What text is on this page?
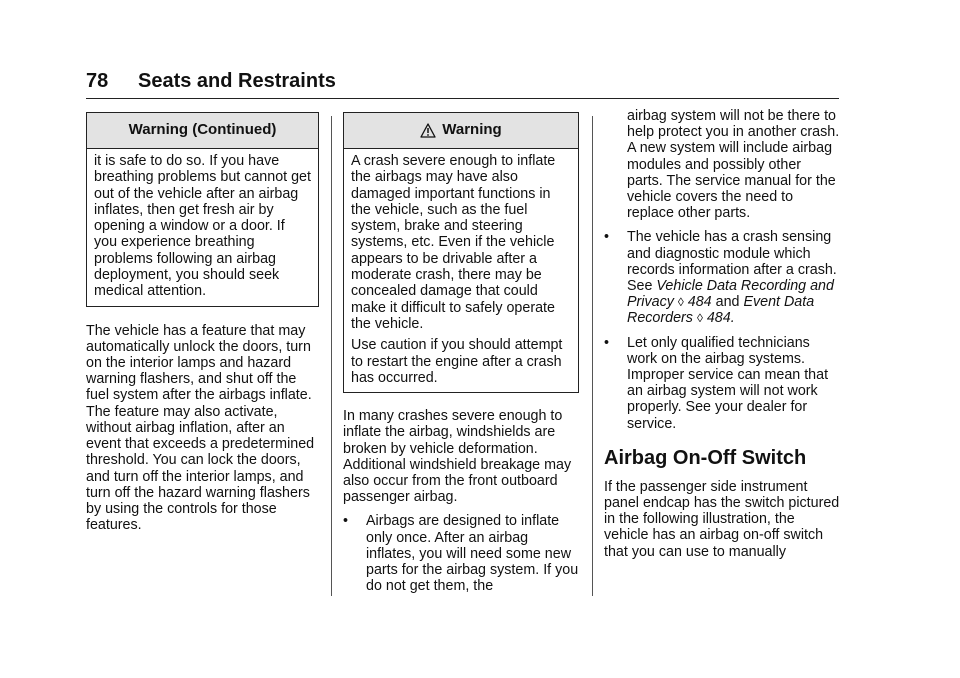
78 Seats and Restraints
Warning (Continued)

it is safe to do so. If you have breathing problems but cannot get out of the vehicle after an airbag inflates, then get fresh air by opening a window or a door. If you experience breathing problems following an airbag deployment, you should seek medical attention.

The vehicle has a feature that may automatically unlock the doors, turn on the interior lamps and hazard warning flashers, and shut off the fuel system after the airbags inflate. The feature may also activate, without airbag inflation, after an event that exceeds a predetermined threshold. You can lock the doors, and turn off the interior lamps, and turn off the hazard warning flashers by using the controls for those features.

Warning

A crash severe enough to inflate the airbags may have also damaged important functions in the vehicle, such as the fuel system, brake and steering systems, etc. Even if the vehicle appears to be drivable after a moderate crash, there may be concealed damage that could make it difficult to safely operate the vehicle.

Use caution if you should attempt to restart the engine after a crash has occurred.

In many crashes severe enough to inflate the airbag, windshields are broken by vehicle deformation. Additional windshield breakage may also occur from the front outboard passenger airbag.

•	Airbags are designed to inflate only once. After an airbag inflates, you will need some new parts for the airbag system. If you do not get them, the

airbag system will not be there to help protect you in another crash. A new system will include airbag modules and possibly other parts. The service manual for the vehicle covers the need to replace other parts.

•	The vehicle has a crash sensing and diagnostic module which records information after a crash. See Vehicle Data Recording and Privacy ◊ 484 and Event Data Recorders ◊ 484.
•	Let only qualified technicians work on the airbag systems. Improper service can mean that an airbag system will not work properly. See your dealer for service.
Airbag On-Off Switch

If the passenger side instrument panel endcap has the switch pictured in the following illustration, the vehicle has an airbag on-off switch that you can use to manually
